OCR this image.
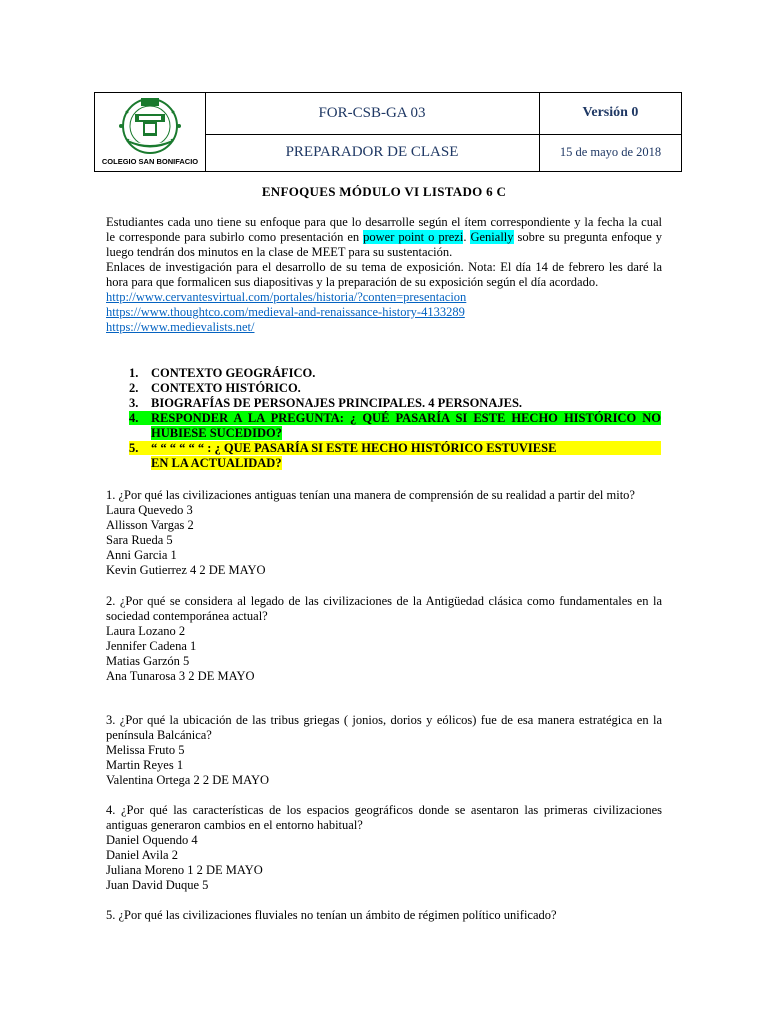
COLEGIO SAN BONIFACIO
FOR-CSB-GA 03	Versión 0
PREPARADOR DE CLASE	15 de mayo de 2018
ENFOQUES MÓDULO VI LISTADO 6 C
Estudiantes cada uno tiene su enfoque para que lo desarrolle según el ítem correspondiente y la fecha la cual
le corresponde para subirlo como presentación en power point o prezi. Genially sobre su pregunta enfoque y
luego tendrán dos minutos en la clase de MEET para su sustentación.
Enlaces de investigación para el desarrollo de su tema de exposición. Nota: El día 14 de febrero les daré la
hora para que formalicen sus diapositivas y la preparación de su exposición según el día acordado.
http://www.cervantesvirtual.com/portales/historia/?conten=presentacion
https://www.thoughtco.com/medieval-and-renaissance-history-4133289
https://www.medievalists.net/
1. CONTEXTO GEOGRÁFICO.
2. CONTEXTO HISTÓRICO.
3. BIOGRAFÍAS DE PERSONAJES PRINCIPALES. 4 PERSONAJES.
4. RESPONDER A LA PREGUNTA: ¿ QUÉ PASARÍA SI ESTE HECHO HISTÓRICO NO
HUBIESE SUCEDIDO?
5. “ “ “ “ “ “ : ¿ QUE PASARÍA SI ESTE HECHO HISTÓRICO ESTUVIESE
EN LA ACTUALIDAD?
1. ¿Por qué las civilizaciones antiguas tenían una manera de comprensión de su realidad a partir del mito?
Laura Quevedo 3
Allisson Vargas 2
Sara Rueda 5
Anni Garcia 1
Kevin Gutierrez 4 2 DE MAYO
2. ¿Por qué se considera al legado de las civilizaciones de la Antigüedad clásica como fundamentales en la
sociedad contemporánea actual?
Laura Lozano 2
Jennifer Cadena 1
Matias Garzón 5
Ana Tunarosa 3 2 DE MAYO
3. ¿Por qué la ubicación de las tribus griegas ( jonios, dorios y eólicos) fue de esa manera estratégica en la
península Balcánica?
Melissa Fruto 5
Martin Reyes 1
Valentina Ortega 2 2 DE MAYO
4. ¿Por qué las características de los espacios geográficos donde se asentaron las primeras civilizaciones
antiguas generaron cambios en el entorno habitual?
Daniel Oquendo 4
Daniel Avila 2
Juliana Moreno 1 2 DE MAYO
Juan David Duque 5
5. ¿Por qué las civilizaciones fluviales no tenían un ámbito de régimen político unificado?
